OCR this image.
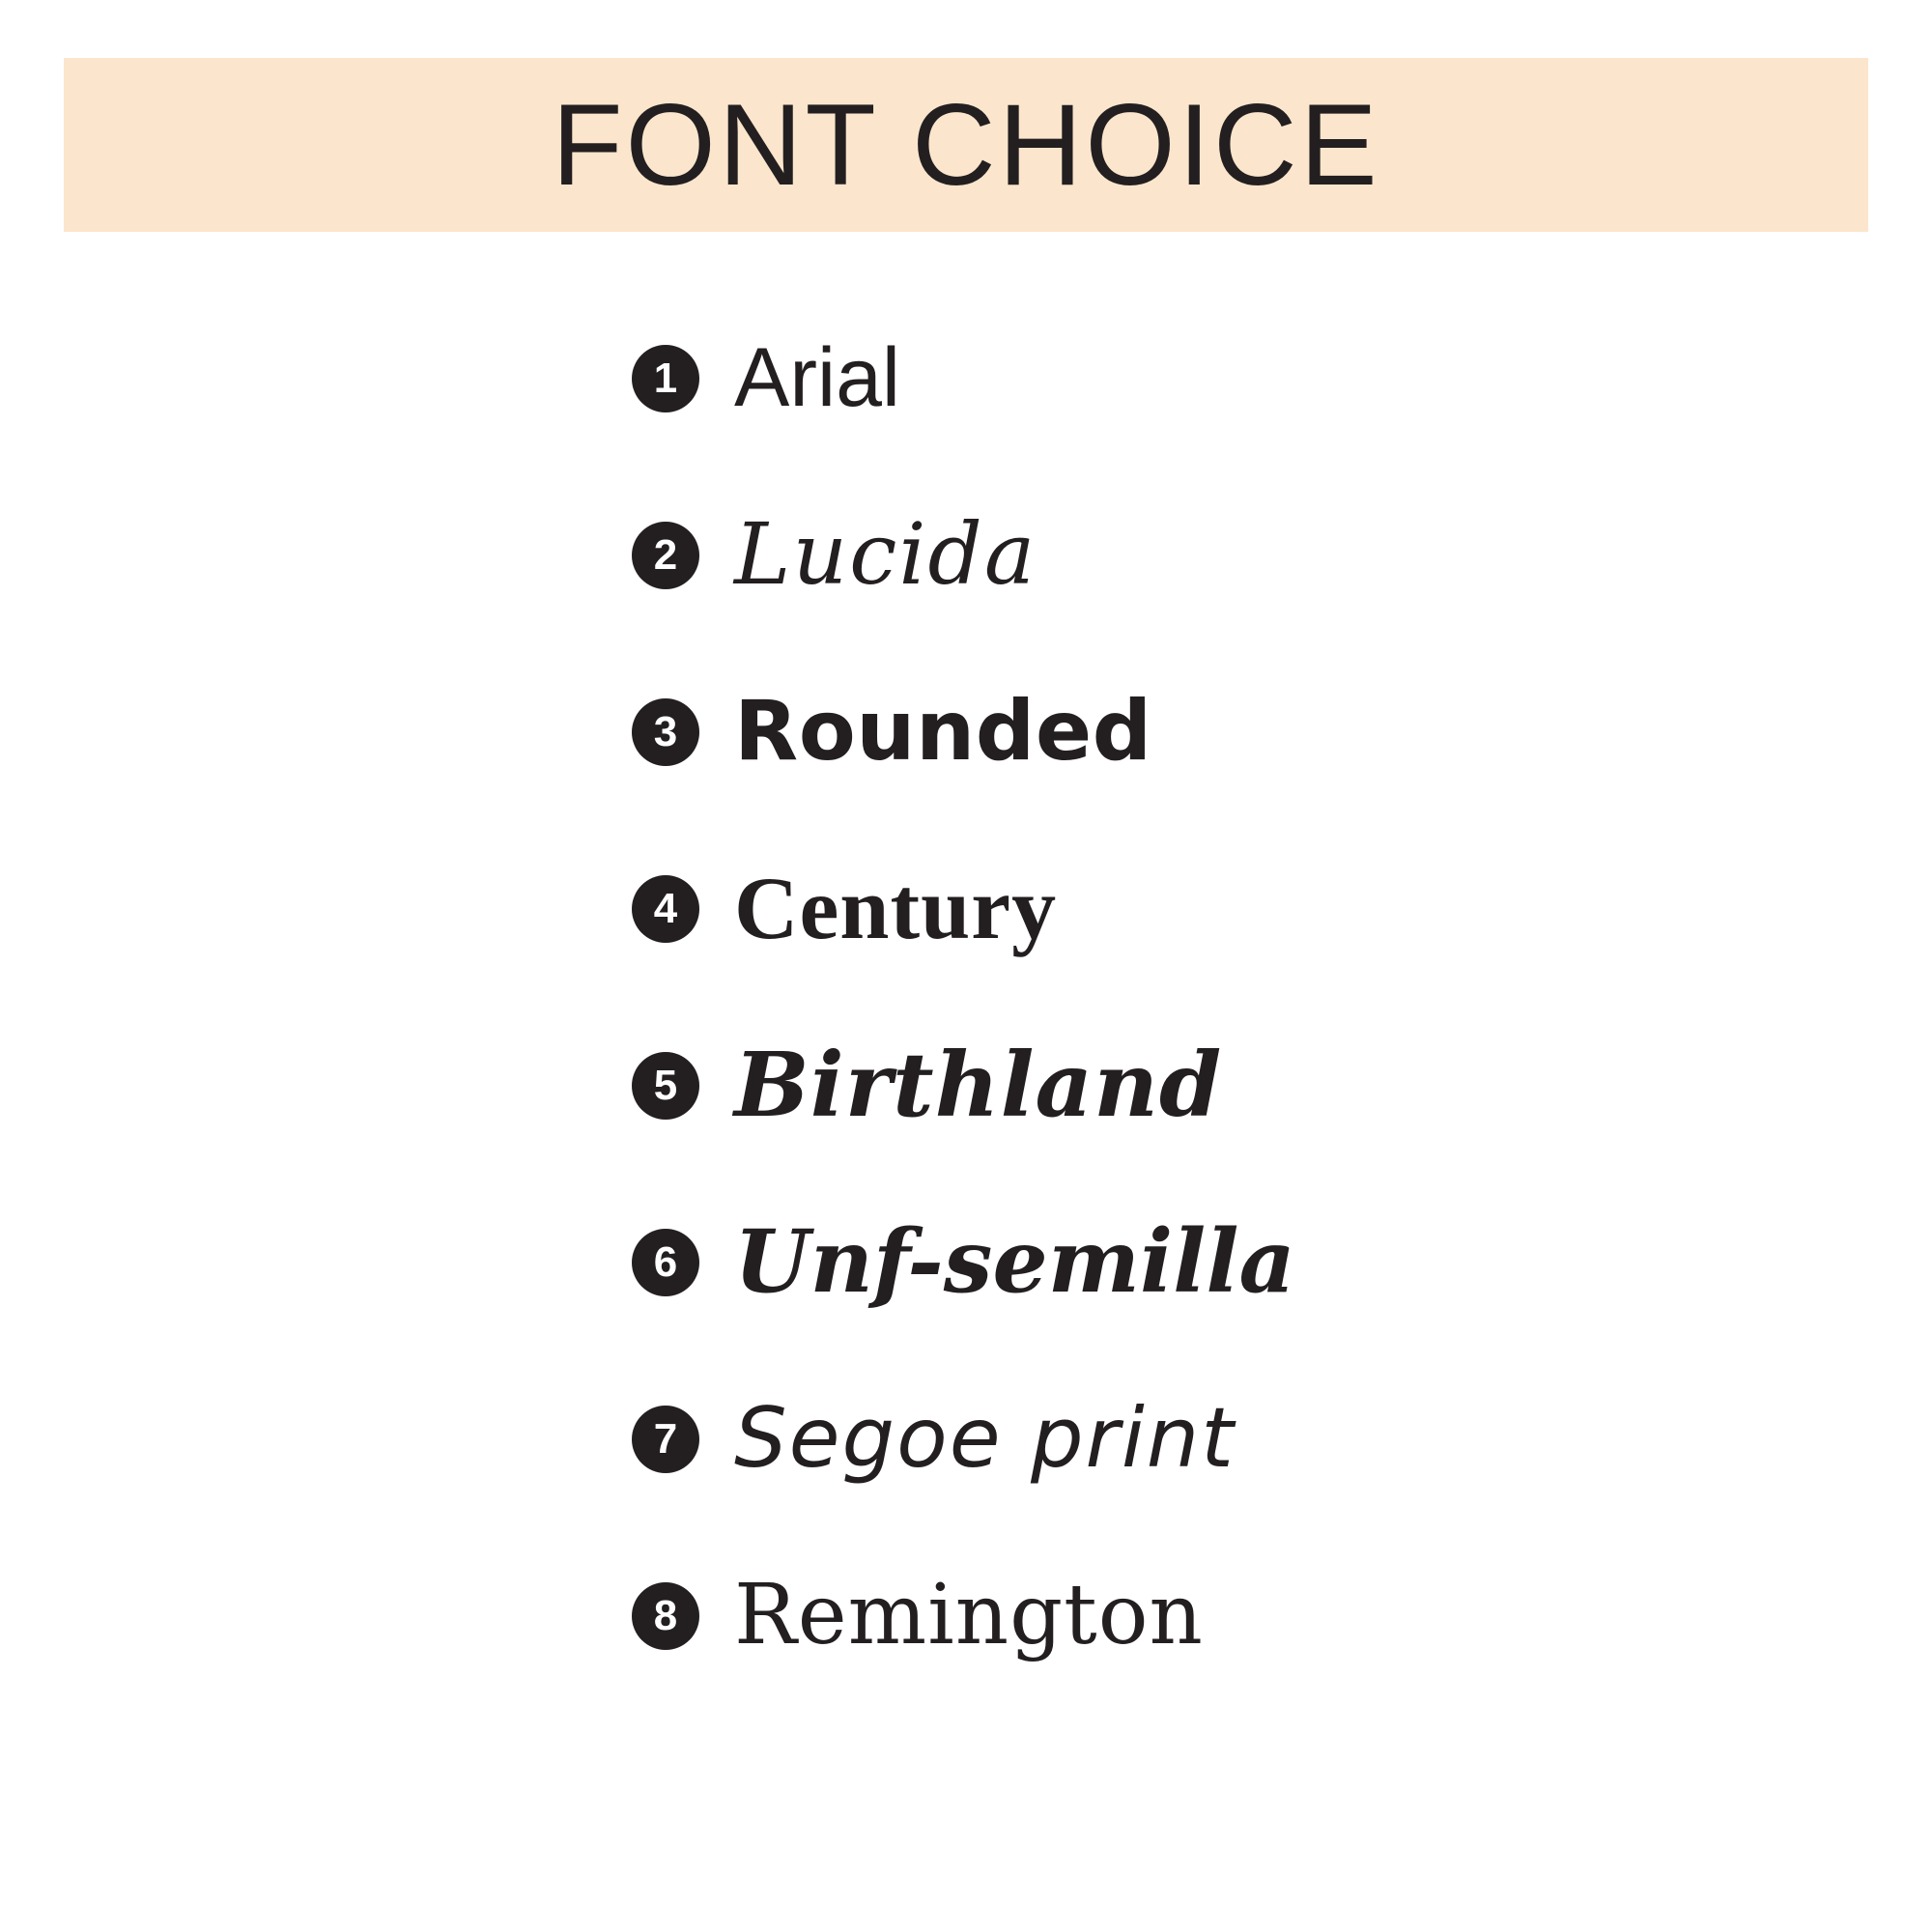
FONT CHOICE
1 Arial
2 Lucida
3 Rounded
4 Century
5 Birthland
6 Unf-semilla
7 Segoe print
8 Remington
